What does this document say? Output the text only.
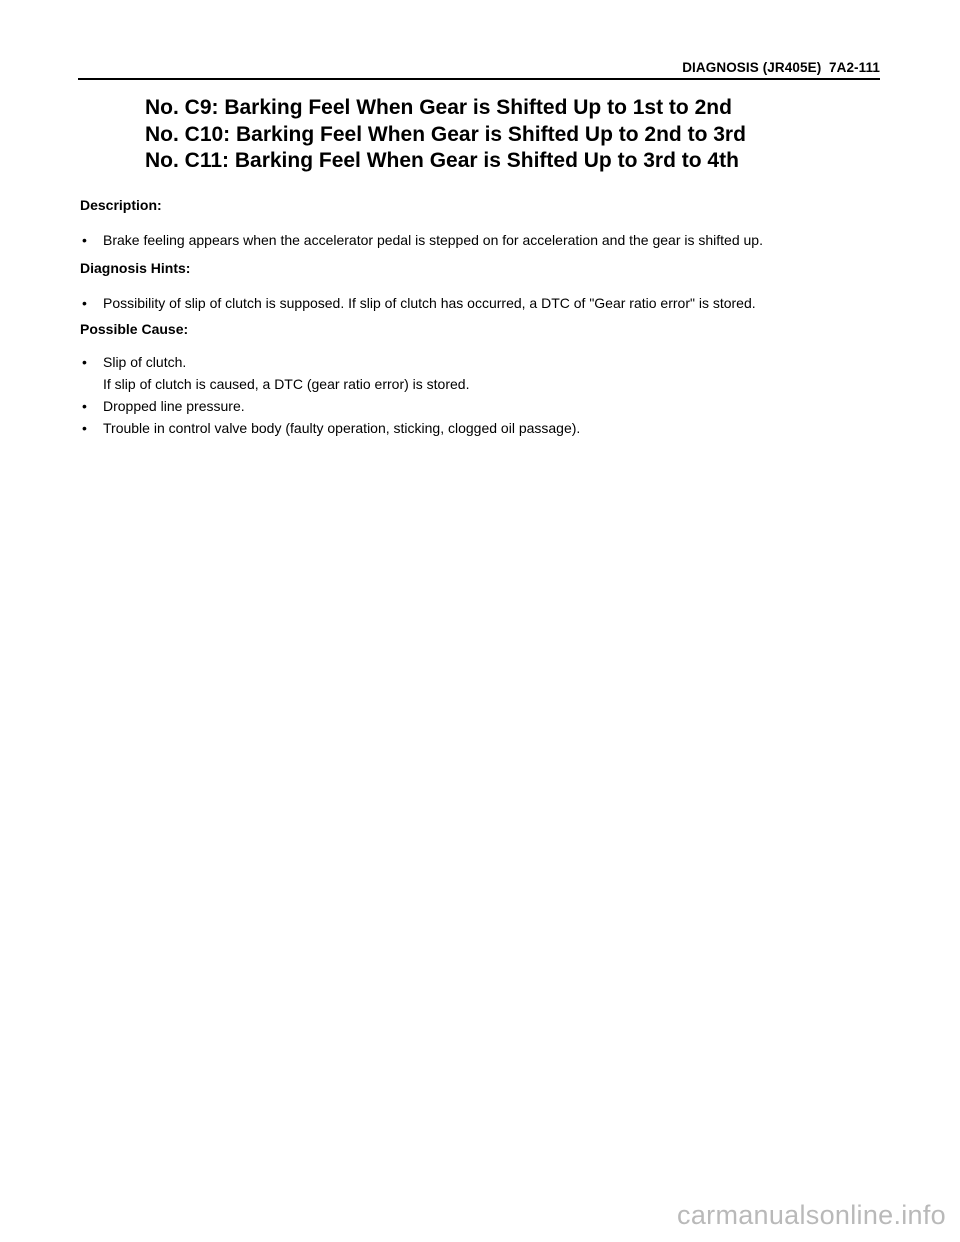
DIAGNOSIS (JR405E)  7A2-111
No. C9: Barking Feel When Gear is Shifted Up to 1st to 2nd
No. C10: Barking Feel When Gear is Shifted Up to 2nd to 3rd
No. C11: Barking Feel When Gear is Shifted Up to 3rd to 4th
Description:
• Brake feeling appears when the accelerator pedal is stepped on for acceleration and the gear is shifted up.
Diagnosis Hints:
• Possibility of slip of clutch is supposed. If slip of clutch has occurred, a DTC of "Gear ratio error" is stored.
Possible Cause:
• Slip of clutch.
If slip of clutch is caused, a DTC (gear ratio error) is stored.
• Dropped line pressure.
• Trouble in control valve body (faulty operation, sticking, clogged oil passage).
carmanualsonline.info
